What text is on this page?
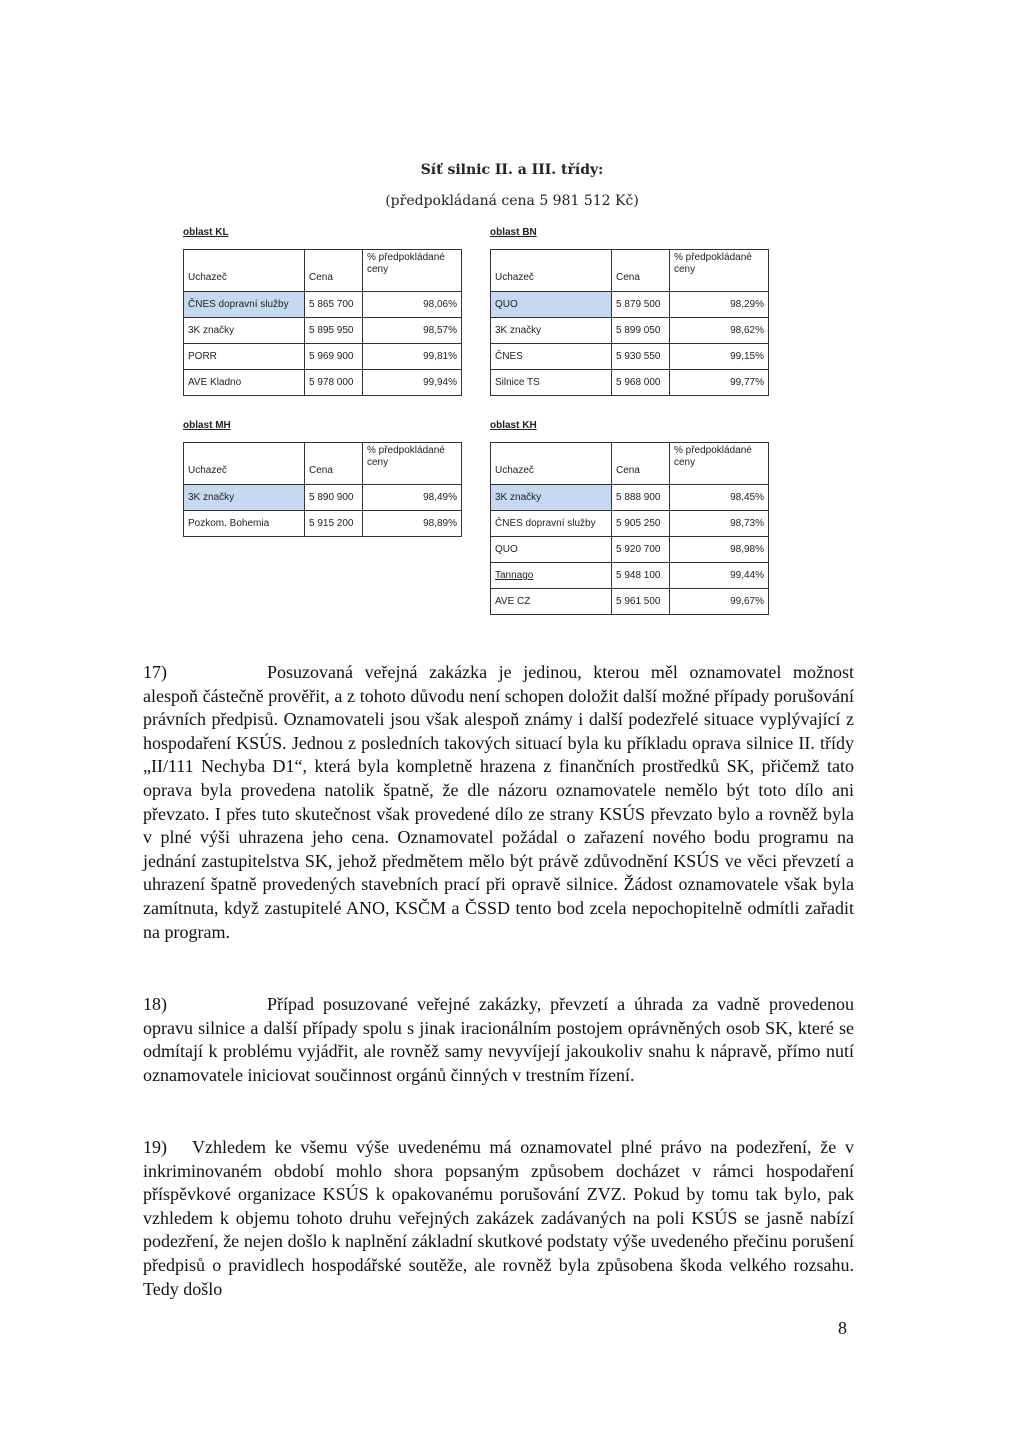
Síť silnic II. a III. třídy:
(předpokládaná cena 5 981 512 Kč)
oblast KL
Uchazeč	Cena	% předpokládané
ceny

ČNES dopravní služby	5 865 700	98,06%
3K značky	5 895 950	98,57%
PORR	5 969 900	99,81%
AVE Kladno	5 978 000	99,94%
oblast BN
Uchazeč	Cena	% předpokládané
ceny

QUO	5 879 500	98,29%
3K značky	5 899 050	98,62%
ČNES	5 930 550	99,15%
Silnice TS	5 968 000	99,77%
oblast MH
Uchazeč	Cena	% předpokládané
ceny

3K značky	5 890 900	98,49%
Pozkom. Bohemia	5 915 200	98,89%
oblast KH
Uchazeč	Cena	% předpokládané
ceny

3K značky	5 888 900	98,45%
ČNES dopravní služby	5 905 250	98,73%
QUO	5 920 700	98,98%
Tannago	5 948 100	99,44%
AVE CZ	5 961 500	99,67%

17)	Posuzovaná veřejná zakázka je jedinou, kterou měl oznamovatel možnost alespoň částečně prověřit, a z tohoto důvodu není schopen doložit další možné případy porušování právních předpisů. Oznamovateli jsou však alespoň známy i další podezřelé situace vyplývající z hospodaření KSÚS. Jednou z posledních takových situací byla ku příkladu oprava silnice II. třídy „II/111 Nechyba D1“, která byla kompletně hrazena z finančních prostředků SK, přičemž tato oprava byla provedena natolik špatně, že dle názoru oznamovatele nemělo být toto dílo ani převzato. I přes tuto skutečnost však provedené dílo ze strany KSÚS převzato bylo a rovněž byla v plné výši uhrazena jeho cena. Oznamovatel požádal o zařazení nového bodu programu na jednání zastupitelstva SK, jehož předmětem mělo být právě zdůvodnění KSÚS ve věci převzetí a uhrazení špatně provedených stavebních prací při opravě silnice. Žádost oznamovatele však byla zamítnuta, když zastupitelé ANO, KSČM a ČSSD tento bod zcela nepochopitelně odmítli zařadit na program.

18)	Případ posuzované veřejné zakázky, převzetí a úhrada za vadně provedenou opravu silnice a další případy spolu s jinak iracionálním postojem oprávněných osob SK, které se odmítají k problému vyjádřit, ale rovněž samy nevyvíjejí jakoukoliv snahu k nápravě, přímo nutí oznamovatele iniciovat součinnost orgánů činných v trestním řízení.

19) Vzhledem ke všemu výše uvedenému má oznamovatel plné právo na podezření, že v inkriminovaném období mohlo shora popsaným způsobem docházet v rámci hospodaření příspěvkové organizace KSÚS k opakovanému porušování ZVZ. Pokud by tomu tak bylo, pak vzhledem k objemu tohoto druhu veřejných zakázek zadávaných na poli KSÚS se jasně nabízí podezření, že nejen došlo k naplnění základní skutkové podstaty výše uvedeného přečinu porušení předpisů o pravidlech hospodářské soutěže, ale rovněž byla způsobena škoda velkého rozsahu. Tedy došlo

8
